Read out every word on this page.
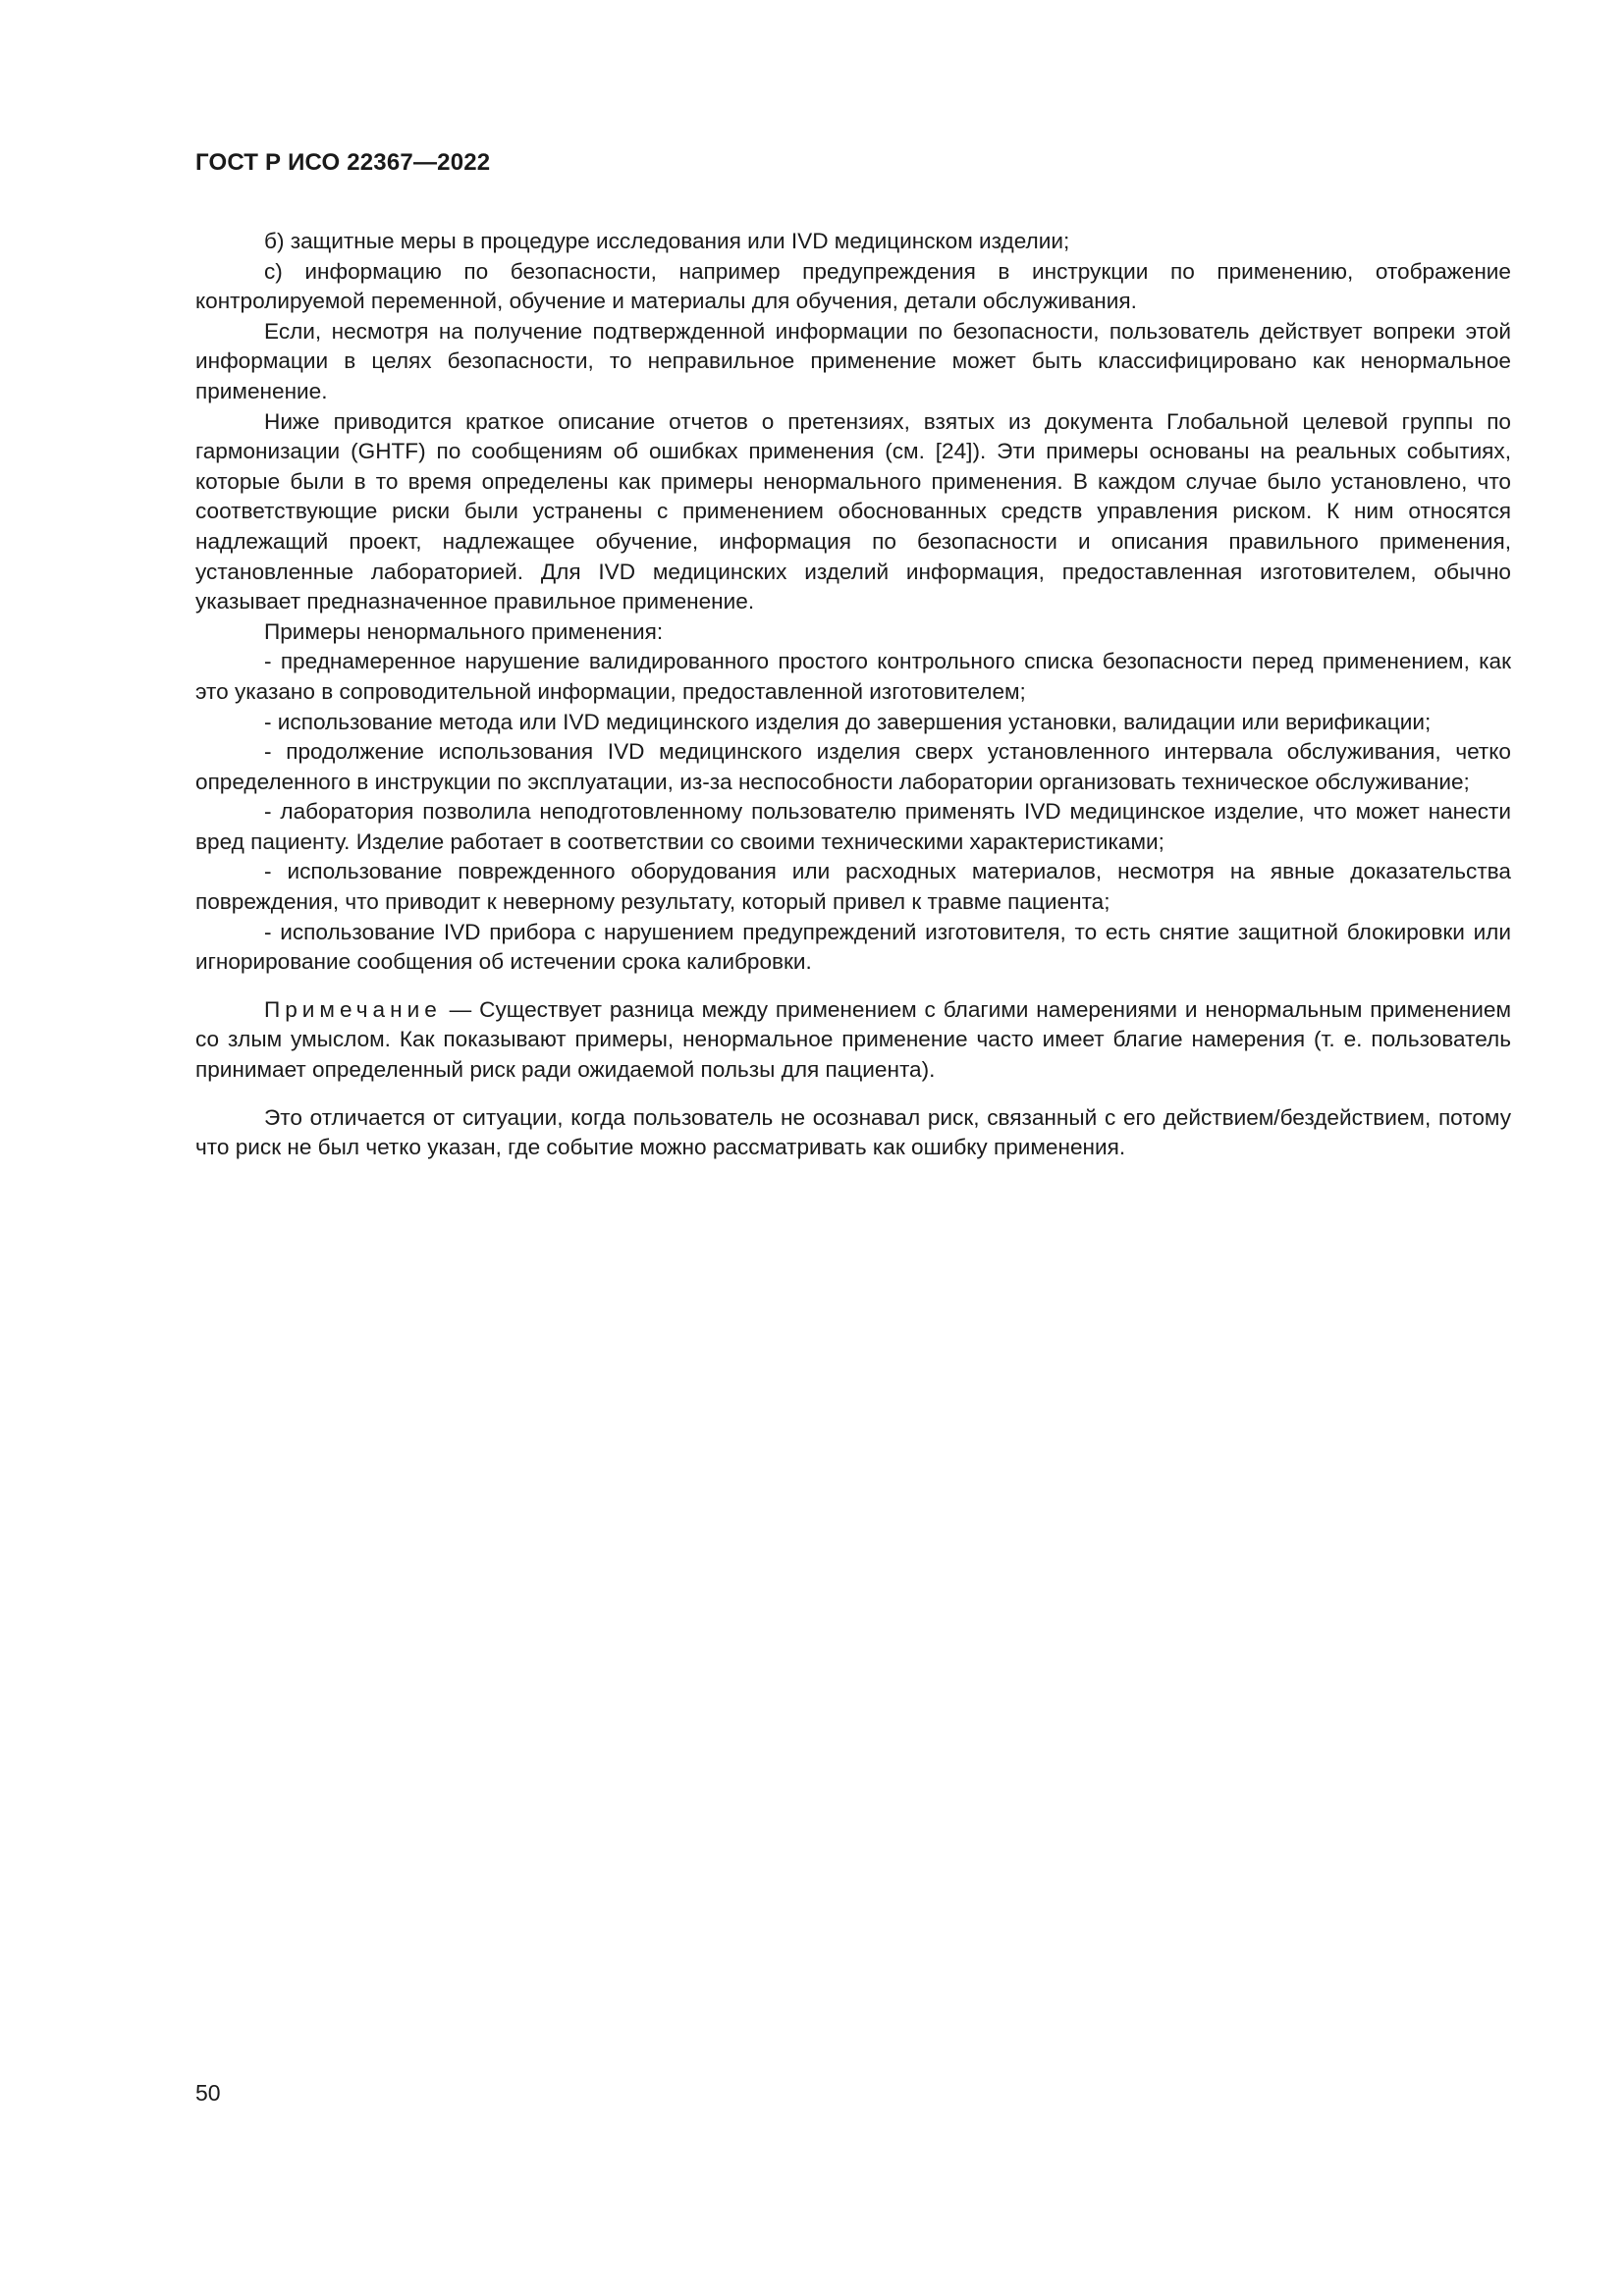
ГОСТ Р ИСО 22367—2022

б) защитные меры в процедуре исследования или IVD медицинском изделии;

с) информацию по безопасности, например предупреждения в инструкции по применению, отображение контролируемой переменной, обучение и материалы для обучения, детали обслуживания.

Если, несмотря на получение подтвержденной информации по безопасности, пользователь действует вопреки этой информации в целях безопасности, то неправильное применение может быть классифицировано как ненормальное применение.

Ниже приводится краткое описание отчетов о претензиях, взятых из документа Глобальной целевой группы по гармонизации (GHTF) по сообщениям об ошибках применения (см. [24]). Эти примеры основаны на реальных событиях, которые были в то время определены как примеры ненормального применения. В каждом случае было установлено, что соответствующие риски были устранены с применением обоснованных средств управления риском. К ним относятся надлежащий проект, надлежащее обучение, информация по безопасности и описания правильного применения, установленные лабораторией. Для IVD медицинских изделий информация, предоставленная изготовителем, обычно указывает предназначенное правильное применение.

Примеры ненормального применения:

- преднамеренное нарушение валидированного простого контрольного списка безопасности перед применением, как это указано в сопроводительной информации, предоставленной изготовителем;

- использование метода или IVD медицинского изделия до завершения установки, валидации или верификации;

- продолжение использования IVD медицинского изделия сверх установленного интервала обслуживания, четко определенного в инструкции по эксплуатации, из-за неспособности лаборатории организовать техническое обслуживание;

- лаборатория позволила неподготовленному пользователю применять IVD медицинское изделие, что может нанести вред пациенту. Изделие работает в соответствии со своими техническими характеристиками;

- использование поврежденного оборудования или расходных материалов, несмотря на явные доказательства повреждения, что приводит к неверному результату, который привел к травме пациента;

- использование IVD прибора с нарушением предупреждений изготовителя, то есть снятие защитной блокировки или игнорирование сообщения об истечении срока калибровки.

Примечание — Существует разница между применением с благими намерениями и ненормальным применением со злым умыслом. Как показывают примеры, ненормальное применение часто имеет благие намерения (т. е. пользователь принимает определенный риск ради ожидаемой пользы для пациента).

Это отличается от ситуации, когда пользователь не осознавал риск, связанный с его действием/бездействием, потому что риск не был четко указан, где событие можно рассматривать как ошибку применения.

50
